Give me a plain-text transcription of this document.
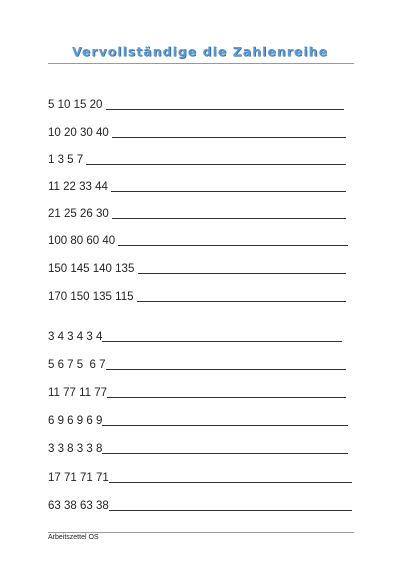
Vervollständige die Zahlenreihe
5 10 15 20
10 20 30 40
1 3 5 7
11 22 33 44
21 25 26 30
100 80 60 40
150 145 140 135
170 150 135 115
3 4 3 4 3 4
5 6 7 5  6 7
11 77 11 77
6 9 6 9 6 9
3 3 8 3 3 8
17 71 71 71
63 38 63 38
Arbeitszettel OS
